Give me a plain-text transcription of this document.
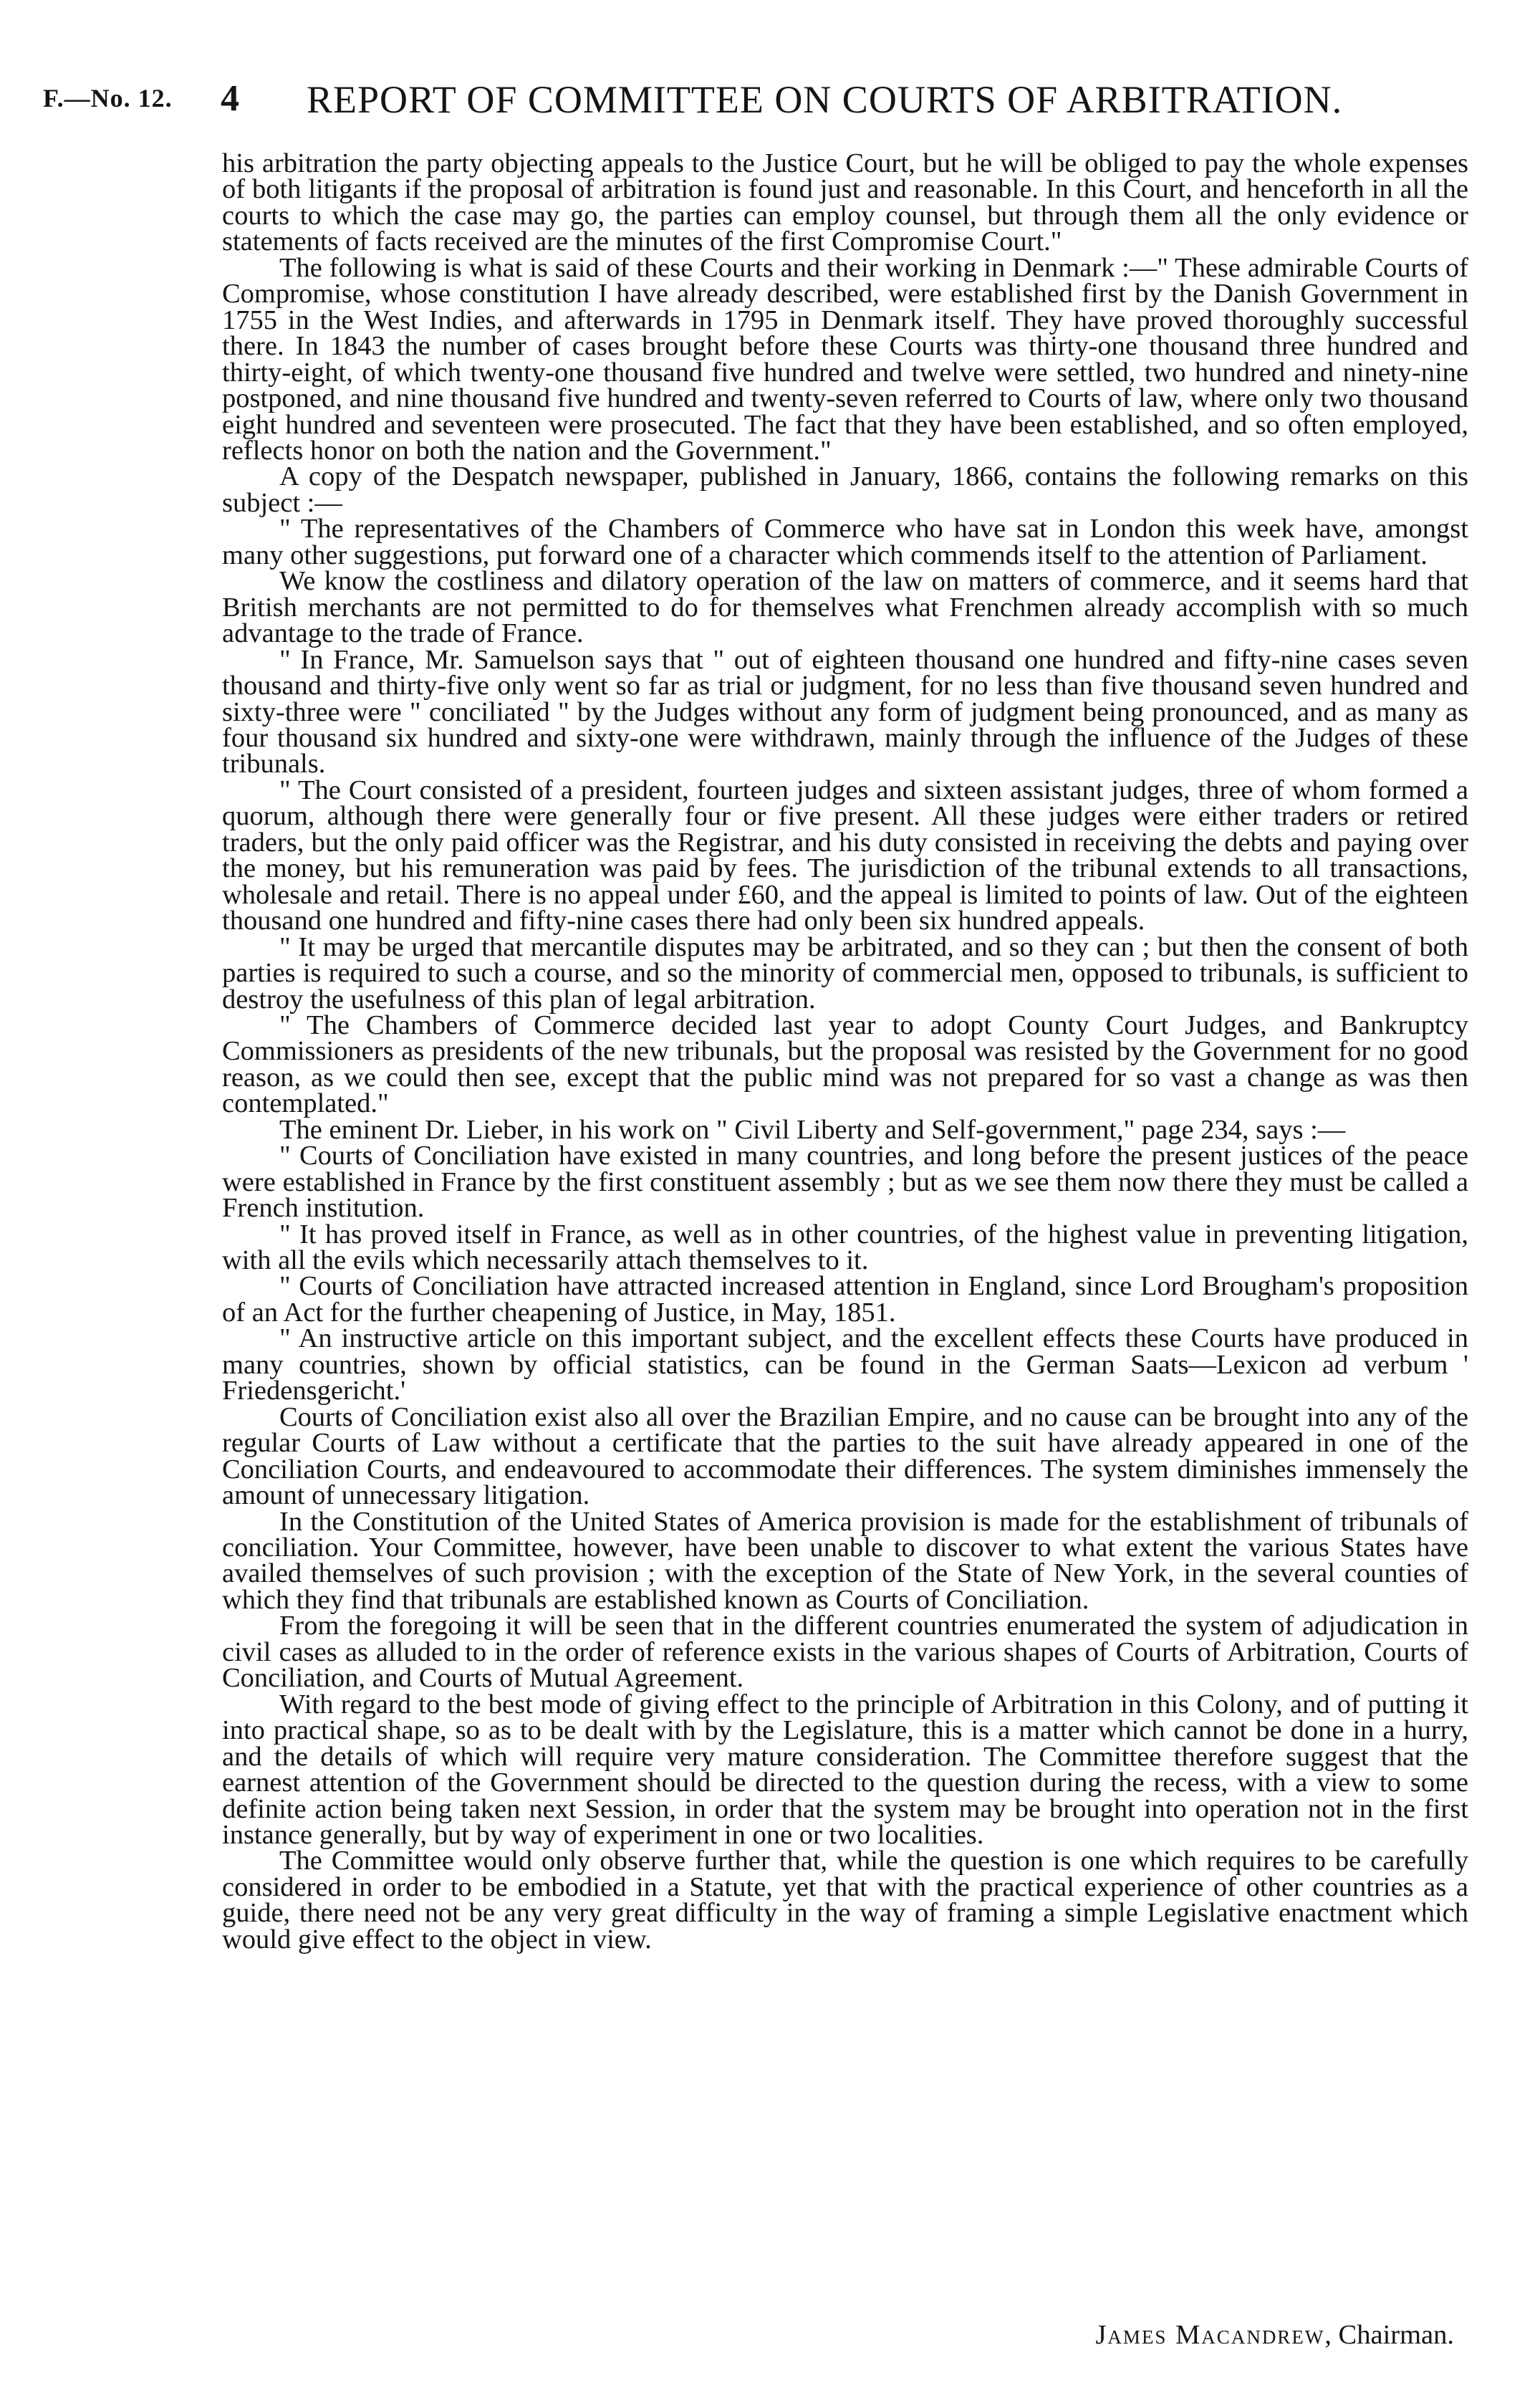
F.—No. 12. 4 REPORT OF COMMITTEE ON COURTS OF ARBITRATION.

his arbitration the party objecting appeals to the Justice Court, but he will be obliged to pay the whole expenses of both litigants if the proposal of arbitration is found just and reasonable. In this Court, and henceforth in all the courts to which the case may go, the parties can employ counsel, but through them all the only evidence or statements of facts received are the minutes of the first Compromise Court."

The following is what is said of these Courts and their working in Denmark :—" These admirable Courts of Compromise, whose constitution I have already described, were established first by the Danish Government in 1755 in the West Indies, and afterwards in 1795 in Denmark itself. They have proved thoroughly successful there. In 1843 the number of cases brought before these Courts was thirty-one thousand three hundred and thirty-eight, of which twenty-one thousand five hundred and twelve were settled, two hundred and ninety-nine postponed, and nine thousand five hundred and twenty-seven referred to Courts of law, where only two thousand eight hundred and seventeen were prosecuted. The fact that they have been established, and so often employed, reflects honor on both the nation and the Government."

A copy of the Despatch newspaper, published in January, 1866, contains the following remarks on this subject :—

" The representatives of the Chambers of Commerce who have sat in London this week have, amongst many other suggestions, put forward one of a character which commends itself to the attention of Parliament.

We know the costliness and dilatory operation of the law on matters of commerce, and it seems hard that British merchants are not permitted to do for themselves what Frenchmen already accomplish with so much advantage to the trade of France.

" In France, Mr. Samuelson says that " out of eighteen thousand one hundred and fifty-nine cases seven thousand and thirty-five only went so far as trial or judgment, for no less than five thousand seven hundred and sixty-three were " conciliated " by the Judges without any form of judgment being pronounced, and as many as four thousand six hundred and sixty-one were withdrawn, mainly through the influence of the Judges of these tribunals.

" The Court consisted of a president, fourteen judges and sixteen assistant judges, three of whom formed a quorum, although there were generally four or five present. All these judges were either traders or retired traders, but the only paid officer was the Registrar, and his duty consisted in receiving the debts and paying over the money, but his remuneration was paid by fees. The jurisdiction of the tribunal extends to all transactions, wholesale and retail. There is no appeal under £60, and the appeal is limited to points of law. Out of the eighteen thousand one hundred and fifty-nine cases there had only been six hundred appeals.

" It may be urged that mercantile disputes may be arbitrated, and so they can ; but then the consent of both parties is required to such a course, and so the minority of commercial men, opposed to tribunals, is sufficient to destroy the usefulness of this plan of legal arbitration.

" The Chambers of Commerce decided last year to adopt County Court Judges, and Bankruptcy Commissioners as presidents of the new tribunals, but the proposal was resisted by the Government for no good reason, as we could then see, except that the public mind was not prepared for so vast a change as was then contemplated."

The eminent Dr. Lieber, in his work on " Civil Liberty and Self-government," page 234, says :—

" Courts of Conciliation have existed in many countries, and long before the present justices of the peace were established in France by the first constituent assembly ; but as we see them now there they must be called a French institution.

" It has proved itself in France, as well as in other countries, of the highest value in preventing litigation, with all the evils which necessarily attach themselves to it.

" Courts of Conciliation have attracted increased attention in England, since Lord Brougham's proposition of an Act for the further cheapening of Justice, in May, 1851.

" An instructive article on this important subject, and the excellent effects these Courts have produced in many countries, shown by official statistics, can be found in the German Saats—Lexicon ad verbum ' Friedensgericht.'

Courts of Conciliation exist also all over the Brazilian Empire, and no cause can be brought into any of the regular Courts of Law without a certificate that the parties to the suit have already appeared in one of the Conciliation Courts, and endeavoured to accommodate their differences. The system diminishes immensely the amount of unnecessary litigation.

In the Constitution of the United States of America provision is made for the establishment of tribunals of conciliation. Your Committee, however, have been unable to discover to what extent the various States have availed themselves of such provision ; with the exception of the State of New York, in the several counties of which they find that tribunals are established known as Courts of Conciliation.

From the foregoing it will be seen that in the different countries enumerated the system of adjudication in civil cases as alluded to in the order of reference exists in the various shapes of Courts of Arbitration, Courts of Conciliation, and Courts of Mutual Agreement.

With regard to the best mode of giving effect to the principle of Arbitration in this Colony, and of putting it into practical shape, so as to be dealt with by the Legislature, this is a matter which cannot be done in a hurry, and the details of which will require very mature consideration. The Committee therefore suggest that the earnest attention of the Government should be directed to the question during the recess, with a view to some definite action being taken next Session, in order that the system may be brought into operation not in the first instance generally, but by way of experiment in one or two localities.

The Committee would only observe further that, while the question is one which requires to be carefully considered in order to be embodied in a Statute, yet that with the practical experience of other countries as a guide, there need not be any very great difficulty in the way of framing a simple Legislative enactment which would give effect to the object in view.

James Macandrew, Chairman.
